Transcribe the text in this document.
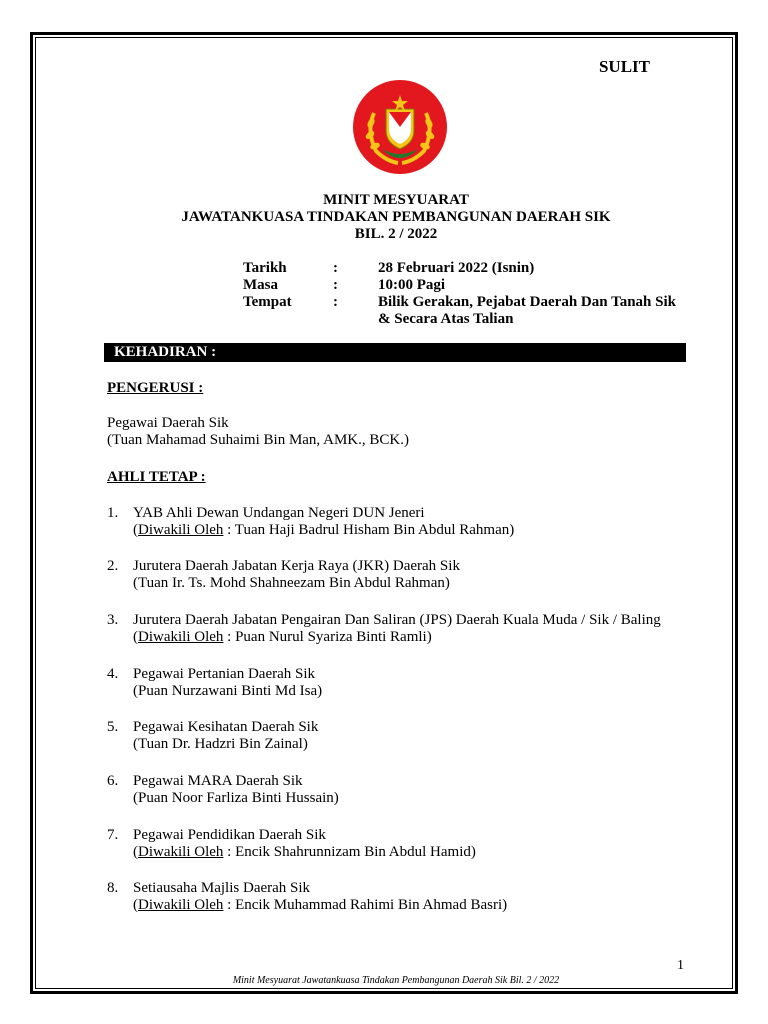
SULIT
MINIT MESYUARAT
JAWATANKUASA TINDAKAN PEMBANGUNAN DAERAH SIK
BIL. 2 / 2022
Tarikh	:	28 Februari 2022 (Isnin)
Masa	:	10:00 Pagi
Tempat	:	Bilik Gerakan, Pejabat Daerah Dan Tanah Sik
& Secara Atas Talian
KEHADIRAN :
PENGERUSI :
Pegawai Daerah Sik
(Tuan Mahamad Suhaimi Bin Man, AMK., BCK.)
AHLI TETAP :
1. YAB Ahli Dewan Undangan Negeri DUN Jeneri
(Diwakili Oleh : Tuan Haji Badrul Hisham Bin Abdul Rahman)
2. Jurutera Daerah Jabatan Kerja Raya (JKR) Daerah Sik
(Tuan Ir. Ts. Mohd Shahneezam Bin Abdul Rahman)
3. Jurutera Daerah Jabatan Pengairan Dan Saliran (JPS) Daerah Kuala Muda / Sik / Baling
(Diwakili Oleh : Puan Nurul Syariza Binti Ramli)
4. Pegawai Pertanian Daerah Sik
(Puan Nurzawani Binti Md Isa)
5. Pegawai Kesihatan Daerah Sik
(Tuan Dr. Hadzri Bin Zainal)
6. Pegawai MARA Daerah Sik
(Puan Noor Farliza Binti Hussain)
7. Pegawai Pendidikan Daerah Sik
(Diwakili Oleh : Encik Shahrunnizam Bin Abdul Hamid)
8. Setiausaha Majlis Daerah Sik
(Diwakili Oleh : Encik Muhammad Rahimi Bin Ahmad Basri)
1
Minit Mesyuarat Jawatankuasa Tindakan Pembangunan Daerah Sik Bil. 2 / 2022
